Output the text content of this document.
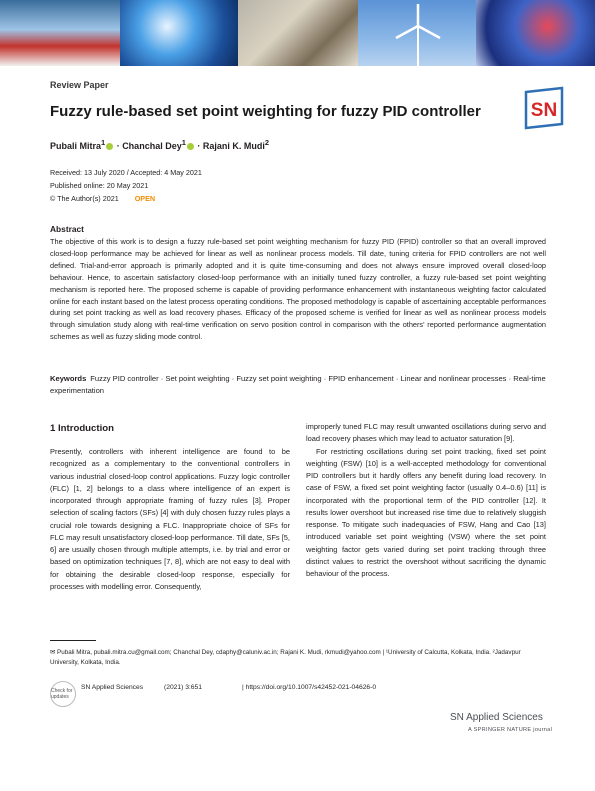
Review Paper
Fuzzy rule-based set point weighting for fuzzy PID controller
Pubali Mitra$^1$ · Chanchal Dey$^1$ · Rajani K. Mudi$^2$
Received: 13 July 2020 / Accepted: 4 May 2021
Published online: 20 May 2021
© The Author(s) 2021 OPEN
SN
Abstract
The objective of this work is to design a fuzzy rule-based set point weighting mechanism for fuzzy PID (FPID) controller so that an overall improved closed-loop performance may be achieved for linear as well as nonlinear process models. Till date, tuning criteria for FPID controllers are not well defined. Trial-and-error approach is primarily adopted and it is quite time-consuming and does not always ensure improved overall closed-loop behaviour. Hence, to ascertain satisfactory closed-loop performance with an initially tuned fuzzy controller, a fuzzy rule-based set point weighting mechanism is reported here. The proposed scheme is capable of providing performance enhancement with instantaneous weighting factor calculated online for each instant based on the latest process operating conditions. The proposed methodology is capable of ascertaining acceptable performances during set point tracking as well as load recovery phases. Efficacy of the proposed scheme is verified for linear as well as nonlinear process models through simulation study along with real-time verification on servo position control in comparison with the others' reported performance augmentation schemes as well as fuzzy sliding mode control.
Keywords Fuzzy PID controller · Set point weighting · Fuzzy set point weighting · FPID enhancement · Linear and nonlinear processes · Real-time experimentation
1 Introduction

Presently, controllers with inherent intelligence are found to be recognized as a complementary to the conventional controllers in various industrial closed-loop control applications. Fuzzy logic controller (FLC) [1, 2] belongs to a class where intelligence of an expert is incorporated through appropriate framing of fuzzy rules [3]. Proper selection of scaling factors (SFs) [4] with duly chosen fuzzy rules plays a crucial role towards designing a FLC. Inappropriate choice of SFs for FLC may result unsatisfactory closed-loop performance. Till date, SFs [5, 6] are usually chosen through multiple attempts, i.e. by trial and error or based on optimization techniques [7, 8], which are not easy to deal with for obtaining the desirable closed-loop response, especially for processes with modelling error. Consequently,

improperly tuned FLC may result unwanted oscillations during servo and load recovery phases which may lead to actuator saturation [9].

For restricting oscillations during set point tracking, fixed set point weighting (FSW) [10] is a well-accepted methodology for conventional PID controllers but it hardly offers any benefit during load recovery. In case of FSW, a fixed set point weighting factor (usually 0.4–0.6) [11] is incorporated with the proportional term of the PID controller [12]. It results lower overshoot but increased rise time due to relatively sluggish response. To mitigate such inadequacies of FSW, Hang and Cao [13] introduced variable set point weighting (VSW) where the set point weighting factor gets varied during set point tracking through three distinct values to restrict the overshoot without sacrificing the dynamic behaviour of the process.

✉ Pubali Mitra, pubali.mitra.cu@gmail.com; Chanchal Dey, cdaphy@caluniv.ac.in; Rajani K. Mudi, rkmudi@yahoo.com | ¹University of Calcutta, Kolkata, India. ²Jadavpur University, Kolkata, India.
Check for updates
SN Applied Sciences	(2021) 3:651	| https://doi.org/10.1007/s42452-021-04626-0
SN Applied Sciences
A SPRINGER NATURE journal
